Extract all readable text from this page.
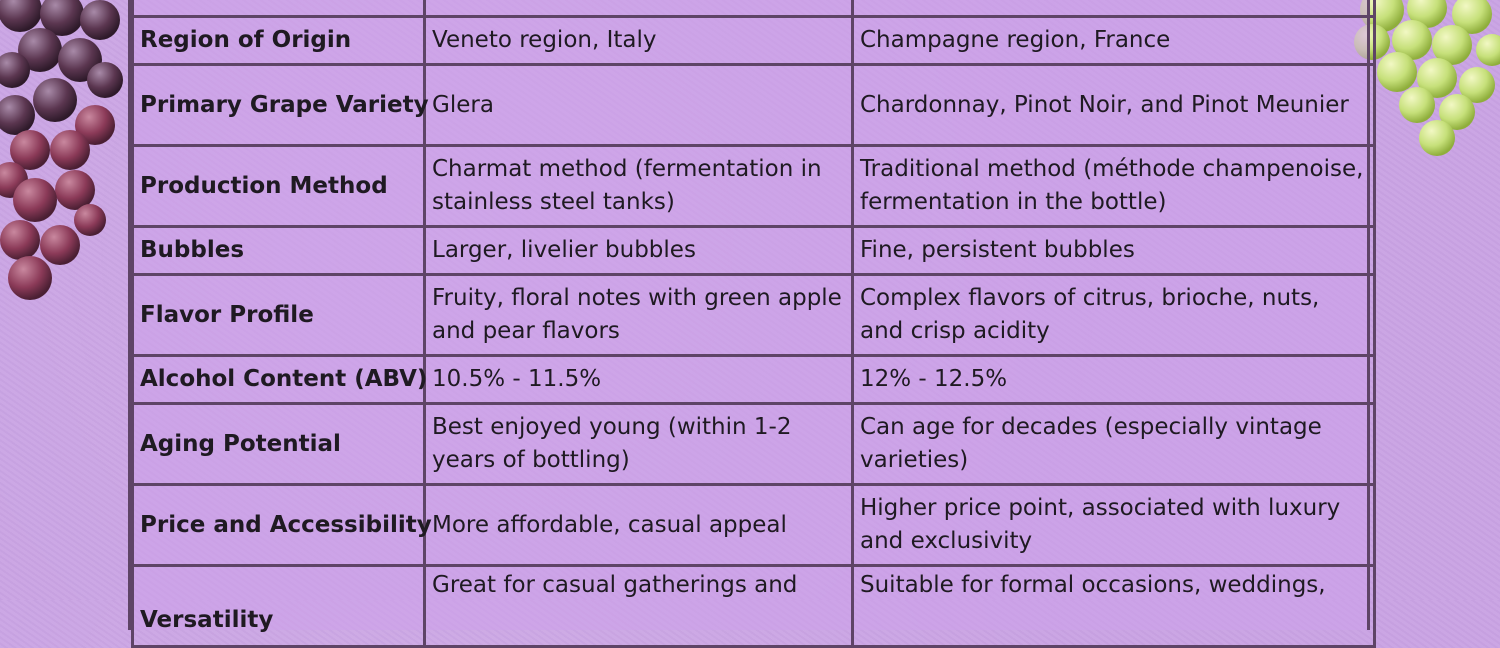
Region of Origin	Veneto region, Italy	Champagne region, France
Primary Grape Variety	Glera	Chardonnay, Pinot Noir, and Pinot Meunier
Production Method	Charmat method (fermentation in stainless steel tanks)	Traditional method (méthode champenoise, fermentation in the bottle)
Bubbles	Larger, livelier bubbles	Fine, persistent bubbles
Flavor Profile	Fruity, floral notes with green apple and pear flavors	Complex flavors of citrus, brioche, nuts, and crisp acidity
Alcohol Content (ABV)	10.5% - 11.5%	12% - 12.5%
Aging Potential	Best enjoyed young (within 1-2 years of bottling)	Can age for decades (especially vintage varieties)
Price and Accessibility	More affordable, casual appeal	Higher price point, associated with luxury and exclusivity
Versatility	Great for casual gatherings and	Suitable for formal occasions, weddings,
